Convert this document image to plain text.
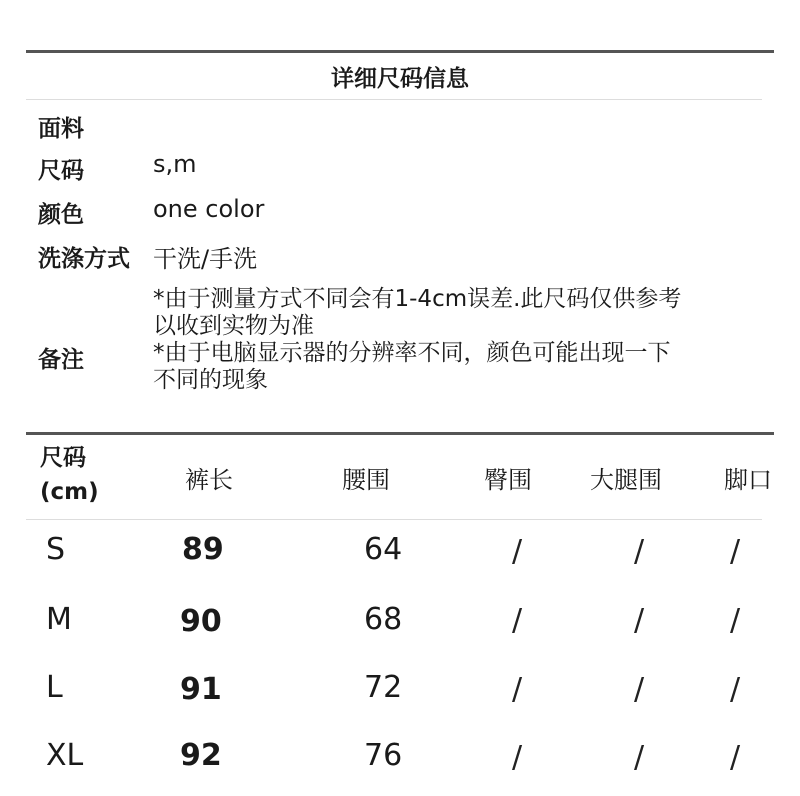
详细尺码信息
面料
尺码	s,m
颜色	one color
洗涤方式 干洗/手洗
备注
*由于测量方式不同会有1-4cm误差.此尺码仅供参考
以收到实物为准
*由于电脑显示器的分辨率不同，颜色可能出现一下
不同的现象
尺码
(cm)	裤长	腰围	臀围 大腿围	脚口
S	89	64	/	/	/
M	90	68	/	/	/
L	91	72	/	/	/
XL	92	76	/	/	/
